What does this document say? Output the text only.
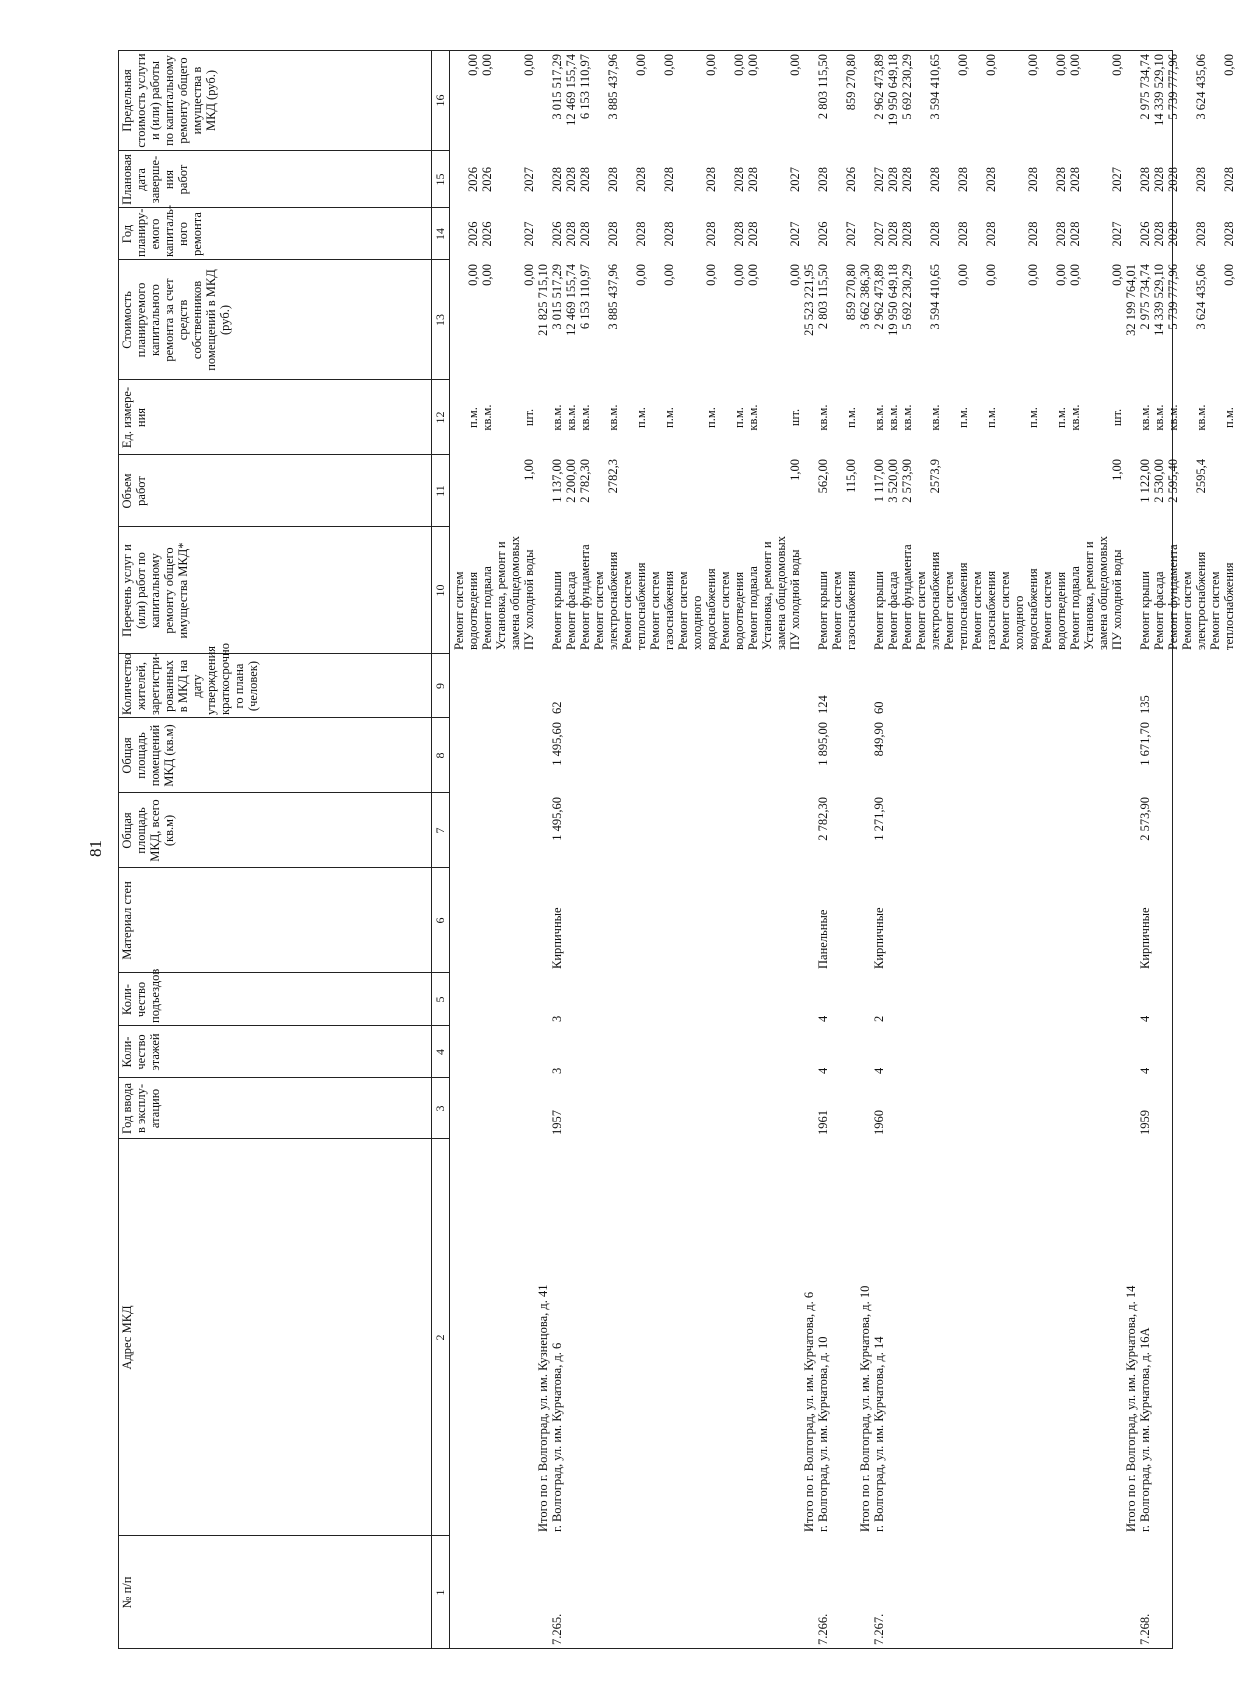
81
№ п/п
Адрес МКД
Год ввода в эксплу-атацию
Коли-чество этажей
Коли-чество подъездов
Материал стен
Общая площадь МКД, всего (кв.м)
Общая площадь помещений МКД (кв.м)
Количество жителей, зарегистри-рованных в МКД на дату утверждения краткосрочно го плана (человек)
Перечень услуг и (или) работ по капитальному ремонту общего имущества МКД*
Объем работ
Ед. измере-ния
Стоимость планируемого капитального ремонта за счет средств собственников помещений в МКД (руб.)
Год планиру-емого капиталь-ного ремонта
Плановая дата заверше-ния работ
Предельная стоимость услуги и (или) работы по капитальному ремонту общего имущества в МКД (руб.)
1
2
3
4
5
6
7
8
9
10
11
12
13
14
15
16
Ремонт систем водоотведения
п.м.
0,00
2026
2026
0,00
Ремонт подвала
кв.м.
0,00
2026
2026
0,00
Установка, ремонт и замена общедомовых ПУ холодной воды
1,00
шт.
0,00
2027
2027
0,00
Итого по г. Волгоград, ул. им. Кузнецова, д. 41
21 825 715,10
7.265.
г. Волгоград, ул. им. Курчатова, д. 6
1957
3
3
Кирпичные
1 495,60
1 495,60
62
Ремонт крыши
1 137,00
кв.м.
3 015 517,29
2026
2028
3 015 517,29
Ремонт фасада
2 200,00
кв.м.
12 469 155,74
2028
2028
12 469 155,74
Ремонт фундамента
2 782,30
кв.м.
6 153 110,97
2028
2028
6 153 110,97
Ремонт систем электроснабжения
2782,3
кв.м.
3 885 437,96
2028
2028
3 885 437,96
Ремонт систем теплоснабжения
п.м.
0,00
2028
2028
0,00
Ремонт систем газоснабжения
п.м.
0,00
2028
2028
0,00
Ремонт систем холодного водоснабжения
п.м.
0,00
2028
2028
0,00
Ремонт систем водоотведения
п.м.
0,00
2028
2028
0,00
Ремонт подвала
кв.м.
0,00
2028
2028
0,00
Установка, ремонт и замена общедомовых ПУ холодной воды
1,00
шт.
0,00
2027
2027
0,00
Итого по г. Волгоград, ул. им. Курчатова, д. 6
25 523 221,95
7.266.
г. Волгоград, ул. им. Курчатова, д. 10
1961
4
4
Панельные
2 782,30
1 895,00
124
Ремонт крыши
562,00
кв.м.
2 803 115,50
2026
2028
2 803 115,50
Ремонт систем газоснабжения
115,00
п.м.
859 270,80
2027
2026
859 270,80
Итого по г. Волгоград, ул. им. Курчатова, д. 10
3 662 386,30
7.267.
г. Волгоград, ул. им. Курчатова, д. 14
1960
4
2
Кирпичные
1 271,90
849,90
60
Ремонт крыши
1 117,00
кв.м.
2 962 473,89
2027
2027
2 962 473,89
Ремонт фасада
3 520,00
кв.м.
19 950 649,18
2028
2028
19 950 649,18
Ремонт фундамента
2 573,90
кв.м.
5 692 230,29
2028
2028
5 692 230,29
Ремонт систем электроснабжения
2573,9
кв.м.
3 594 410,65
2028
2028
3 594 410,65
Ремонт систем теплоснабжения
п.м.
0,00
2028
2028
0,00
Ремонт систем газоснабжения
п.м.
0,00
2028
2028
0,00
Ремонт систем холодного водоснабжения
п.м.
0,00
2028
2028
0,00
Ремонт систем водоотведения
п.м.
0,00
2028
2028
0,00
Ремонт подвала
кв.м.
0,00
2028
2028
0,00
Установка, ремонт и замена общедомовых ПУ холодной воды
1,00
шт.
0,00
2027
2027
0,00
Итого по г. Волгоград, ул. им. Курчатова, д. 14
32 199 764,01
7.268.
г. Волгоград, ул. им. Курчатова, д. 16А
1959
4
4
Кирпичные
2 573,90
1 671,70
135
Ремонт крыши
1 122,00
кв.м.
2 975 734,74
2026
2028
2 975 734,74
Ремонт фасада
2 530,00
кв.м.
14 339 529,10
2028
2028
14 339 529,10
Ремонт фундамента
2 595,40
кв.м.
5 739 777,96
2028
2028
5 739 777,96
Ремонт систем электроснабжения
2595,4
кв.м.
3 624 435,06
2028
2028
3 624 435,06
Ремонт систем теплоснабжения
п.м.
0,00
2028
2028
0,00
